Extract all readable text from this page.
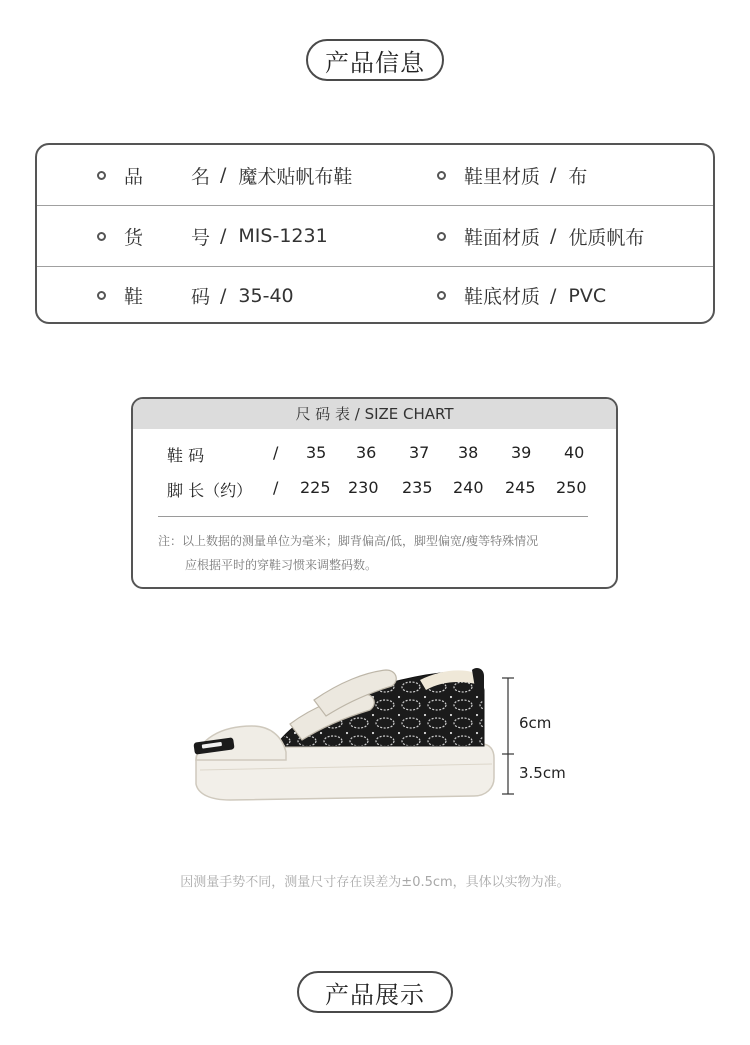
产品信息
品 名 / 魔术贴帆布鞋	鞋里材质 / 布
货 号 / MIS-1231	鞋面材质 / 优质帆布
鞋 码 / 35-40	鞋底材质 / PVC
尺 码 表 / SIZE CHART
鞋 码	/ 35 36 37 38 39 40
脚 长（约） / 225 230 235 240 245 250
注：以上数据的测量单位为毫米；脚背偏高/低，脚型偏宽/瘦等特殊情况
应根据平时的穿鞋习惯来调整码数。
6cm
3.5cm
因测量手势不同，测量尺寸存在误差为±0.5cm，具体以实物为准。
产品展示
